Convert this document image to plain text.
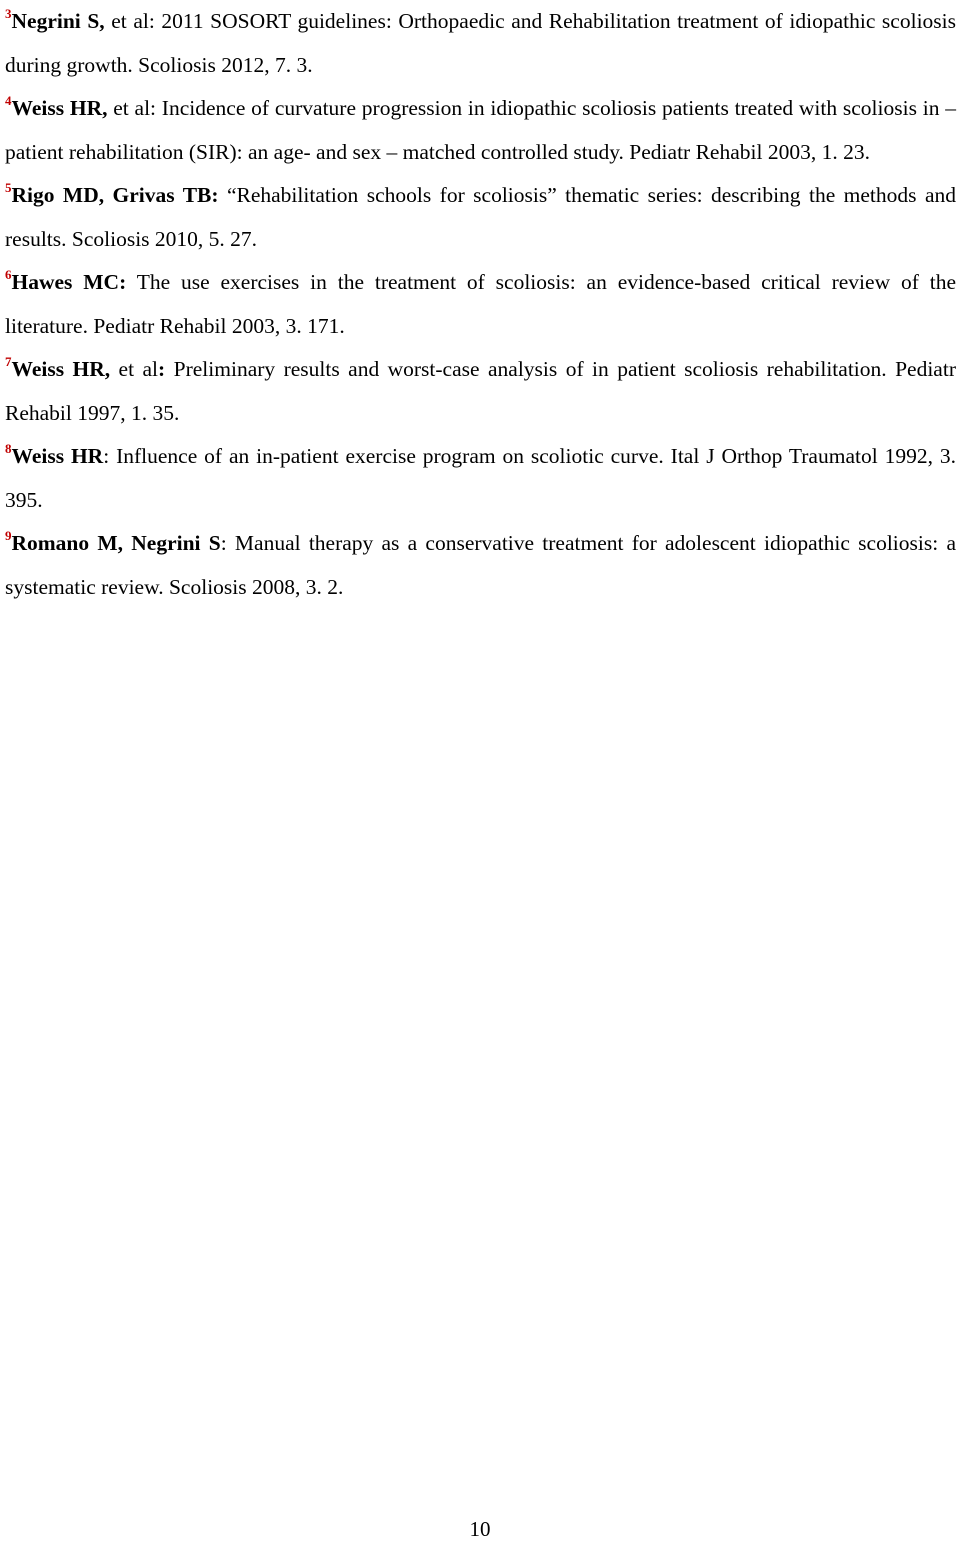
$^3$Negrini S, et al: 2011 SOSORT guidelines: Orthopaedic and Rehabilitation treatment of idiopathic scoliosis during growth. Scoliosis 2012, 7. 3.

$^4$Weiss HR, et al: Incidence of curvature progression in idiopathic scoliosis patients treated with scoliosis in – patient rehabilitation (SIR): an age- and sex – matched controlled study. Pediatr Rehabil 2003, 1. 23.

$^5$Rigo MD, Grivas TB: “Rehabilitation schools for scoliosis” thematic series: describing the methods and results. Scoliosis 2010, 5. 27.

$^6$Hawes MC: The use exercises in the treatment of scoliosis: an evidence-based critical review of the literature. Pediatr Rehabil 2003, 3. 171.

$^7$Weiss HR, et al: Preliminary results and worst-case analysis of in patient scoliosis rehabilitation. Pediatr Rehabil 1997, 1. 35.

$^8$Weiss HR: Influence of an in-patient exercise program on scoliotic curve. Ital J Orthop Traumatol 1992, 3. 395.

$^9$Romano M, Negrini S: Manual therapy as a conservative treatment for adolescent idiopathic scoliosis: a systematic review. Scoliosis 2008, 3. 2.

10
